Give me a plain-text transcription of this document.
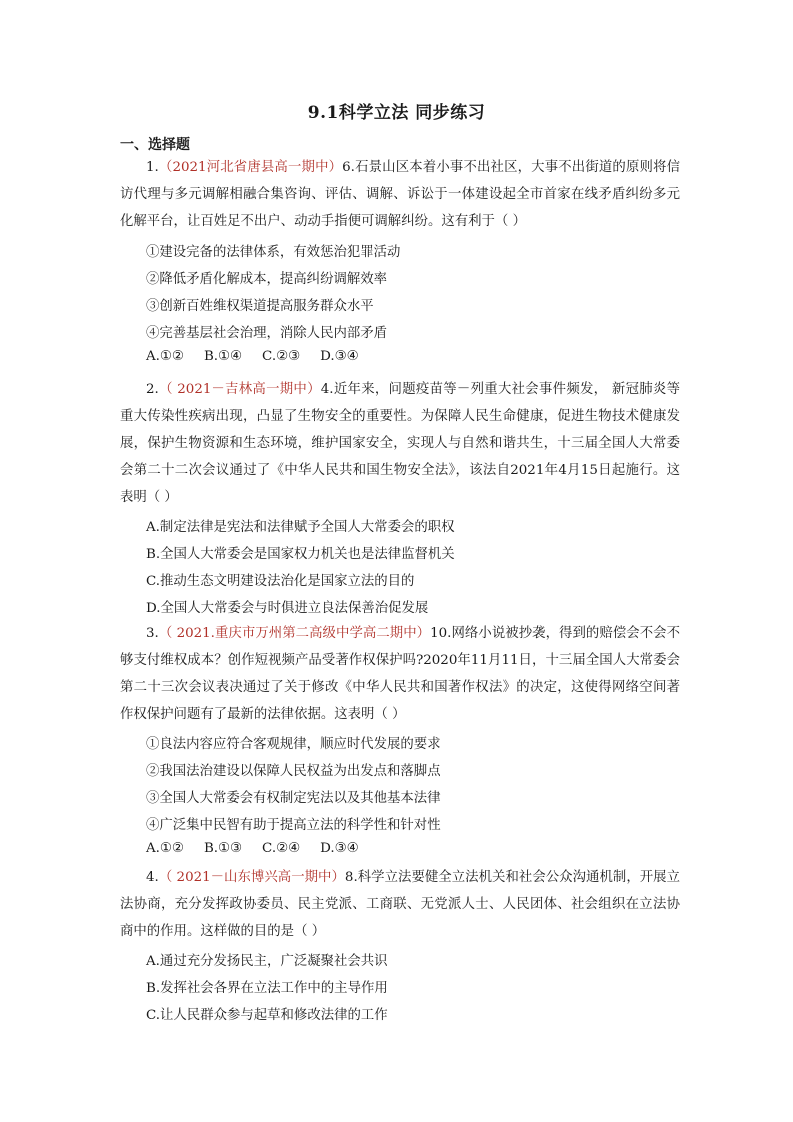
9.1科学立法 同步练习
一、选择题
1.（2021河北省唐县高一期中）6.石景山区本着小事不出社区，大事不出街道的原则将信访代理与多元调解相融合集咨询、评估、调解、诉讼于一体建设起全市首家在线矛盾纠纷多元化解平台，让百姓足不出户、动动手指便可调解纠纷。这有利于（ ）
①建设完备的法律体系，有效惩治犯罪活动
②降低矛盾化解成本，提高纠纷调解效率
③创新百姓维权渠道提高服务群众水平
④完善基层社会治理，消除人民内部矛盾
A.①② B.①④ C.②③ D.③④
2.（ 2021－吉林高一期中）4.近年来，问题疫苗等－列重大社会事件频发， 新冠肺炎等重大传染性疾病出现，凸显了生物安全的重要性。为保障人民生命健康，促进生物技术健康发展，保护生物资源和生态环境，维护国家安全，实现人与自然和谐共生，十三届全国人大常委会第二十二次会议通过了《中华人民共和国生物安全法》，该法自2021年4月15日起施行。这表明（ ）
A.制定法律是宪法和法律赋予全国人大常委会的职权
B.全国人大常委会是国家权力机关也是法律监督机关
C.推动生态文明建设法治化是国家立法的目的
D.全国人大常委会与时俱进立良法保善治促发展
3.（ 2021.重庆市万州第二高级中学高二期中）10.网络小说被抄袭，得到的赔偿会不会不够支付维权成本？创作短视频产品受著作权保护吗?2020年11月11日，十三届全国人大常委会第二十三次会议表决通过了关于修改《中华人民共和国著作权法》的决定，这使得网络空间著作权保护问题有了最新的法律依据。这表明（ ）
①良法内容应符合客观规律，顺应时代发展的要求
②我国法治建设以保障人民权益为出发点和落脚点
③全国人大常委会有权制定宪法以及其他基本法律
④广泛集中民智有助于提高立法的科学性和针对性
A.①② B.①③ C.②④ D.③④
4.（ 2021－山东博兴高一期中）8.科学立法要健全立法机关和社会公众沟通机制，开展立法协商，充分发挥政协委员、民主党派、工商联、无党派人士、人民团体、社会组织在立法协商中的作用。这样做的目的是（ ）
A.通过充分发扬民主，广泛凝聚社会共识
B.发挥社会各界在立法工作中的主导作用
C.让人民群众参与起草和修改法律的工作
